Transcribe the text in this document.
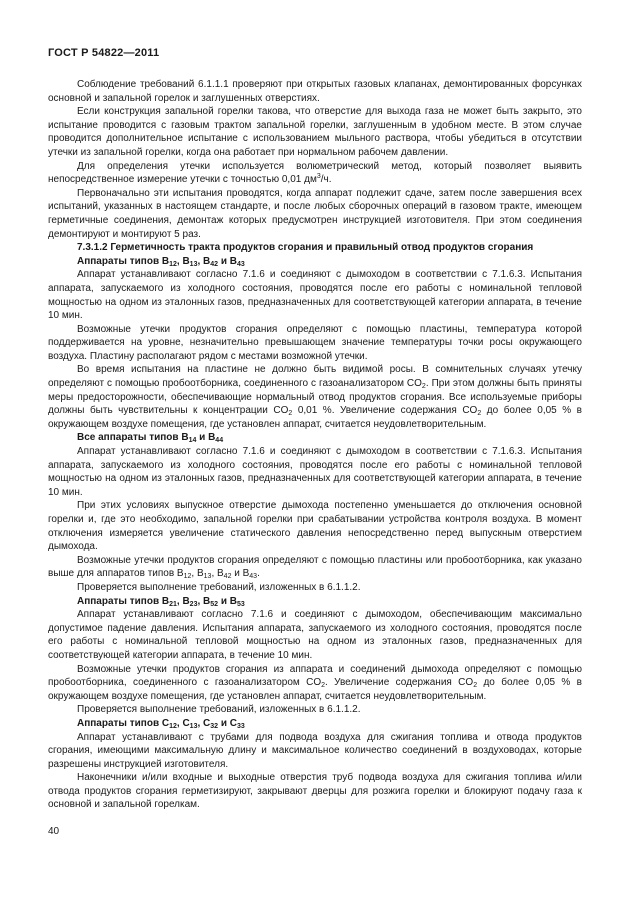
ГОСТ Р 54822—2011

Соблюдение требований 6.1.1.1 проверяют при открытых газовых клапанах, демонтированных форсунках основной и запальной горелок и заглушенных отверстиях.

Если конструкция запальной горелки такова, что отверстие для выхода газа не может быть закрыто, это испытание проводится с газовым трактом запальной горелки, заглушенным в удобном месте. В этом случае проводится дополнительное испытание с использованием мыльного раствора, чтобы убедиться в отсутствии утечки из запальной горелки, когда она работает при нормальном рабочем давлении.

Для определения утечки используется волюметрический метод, который позволяет выявить непосредственное измерение утечки с точностью 0,01 $дм^3/ч$.

Первоначально эти испытания проводятся, когда аппарат подлежит сдаче, затем после завершения всех испытаний, указанных в настоящем стандарте, и после любых сборочных операций в газовом тракте, имеющем герметичные соединения, демонтаж которых предусмотрен инструкцией изготовителя. При этом соединения демонтируют и монтируют 5 раз.

7.3.1.2 Герметичность тракта продуктов сгорания и правильный отвод продуктов сгорания

Аппараты типов $B_{12}$, $B_{13}$, $B_{42}$ и $B_{43}$

Аппарат устанавливают согласно 7.1.6 и соединяют с дымоходом в соответствии с 7.1.6.3. Испытания аппарата, запускаемого из холодного состояния, проводятся после его работы с номинальной тепловой мощностью на одном из эталонных газов, предназначенных для соответствующей категории аппарата, в течение 10 мин.

Возможные утечки продуктов сгорания определяют с помощью пластины, температура которой поддерживается на уровне, незначительно превышающем значение температуры точки росы окружающего воздуха. Пластину располагают рядом с местами возможной утечки.

Во время испытания на пластине не должно быть видимой росы. В сомнительных случаях утечку определяют с помощью пробоотборника, соединенного с газоанализатором $CO_2$. При этом должны быть приняты меры предосторожности, обеспечивающие нормальный отвод продуктов сгорания. Все используемые приборы должны быть чувствительны к концентрации $CO_2$ 0,01 %. Увеличение содержания $CO_2$ до более 0,05 % в окружающем воздухе помещения, где установлен аппарат, считается неудовлетворительным.

Все аппараты типов $B_{14}$ и $B_{44}$

Аппарат устанавливают согласно 7.1.6 и соединяют с дымоходом в соответствии с 7.1.6.3. Испытания аппарата, запускаемого из холодного состояния, проводятся после его работы с номинальной тепловой мощностью на одном из эталонных газов, предназначенных для соответствующей категории аппарата, в течение 10 мин.

При этих условиях выпускное отверстие дымохода постепенно уменьшается до отключения основной горелки и, где это необходимо, запальной горелки при срабатывании устройства контроля воздуха. В момент отключения измеряется увеличение статического давления непосредственно перед выпускным отверстием дымохода.

Возможные утечки продуктов сгорания определяют с помощью пластины или пробоотборника, как указано выше для аппаратов типов $B_{12}$, $B_{13}$, $B_{42}$ и $B_{43}$.

Проверяется выполнение требований, изложенных в 6.1.1.2.

Аппараты типов $B_{21}$, $B_{23}$, $B_{52}$ и $B_{53}$

Аппарат устанавливают согласно 7.1.6 и соединяют с дымоходом, обеспечивающим максимально допустимое падение давления. Испытания аппарата, запускаемого из холодного состояния, проводятся после его работы с номинальной тепловой мощностью на одном из эталонных газов, предназначенных для соответствующей категории аппарата, в течение 10 мин.

Возможные утечки продуктов сгорания из аппарата и соединений дымохода определяют с помощью пробоотборника, соединенного с газоанализатором $CO_2$. Увеличение содержания $CO_2$ до более 0,05 % в окружающем воздухе помещения, где установлен аппарат, считается неудовлетворительным.

Проверяется выполнение требований, изложенных в 6.1.1.2.

Аппараты типов $C_{12}$, $C_{13}$, $C_{32}$ и $C_{33}$

Аппарат устанавливают с трубами для подвода воздуха для сжигания топлива и отвода продуктов сгорания, имеющими максимальную длину и максимальное количество соединений в воздуховодах, которые разрешены инструкцией изготовителя.

Наконечники и/или входные и выходные отверстия труб подвода воздуха для сжигания топлива и/или отвода продуктов сгорания герметизируют, закрывают дверцы для розжига горелки и блокируют подачу газа к основной и запальной горелкам.

40
